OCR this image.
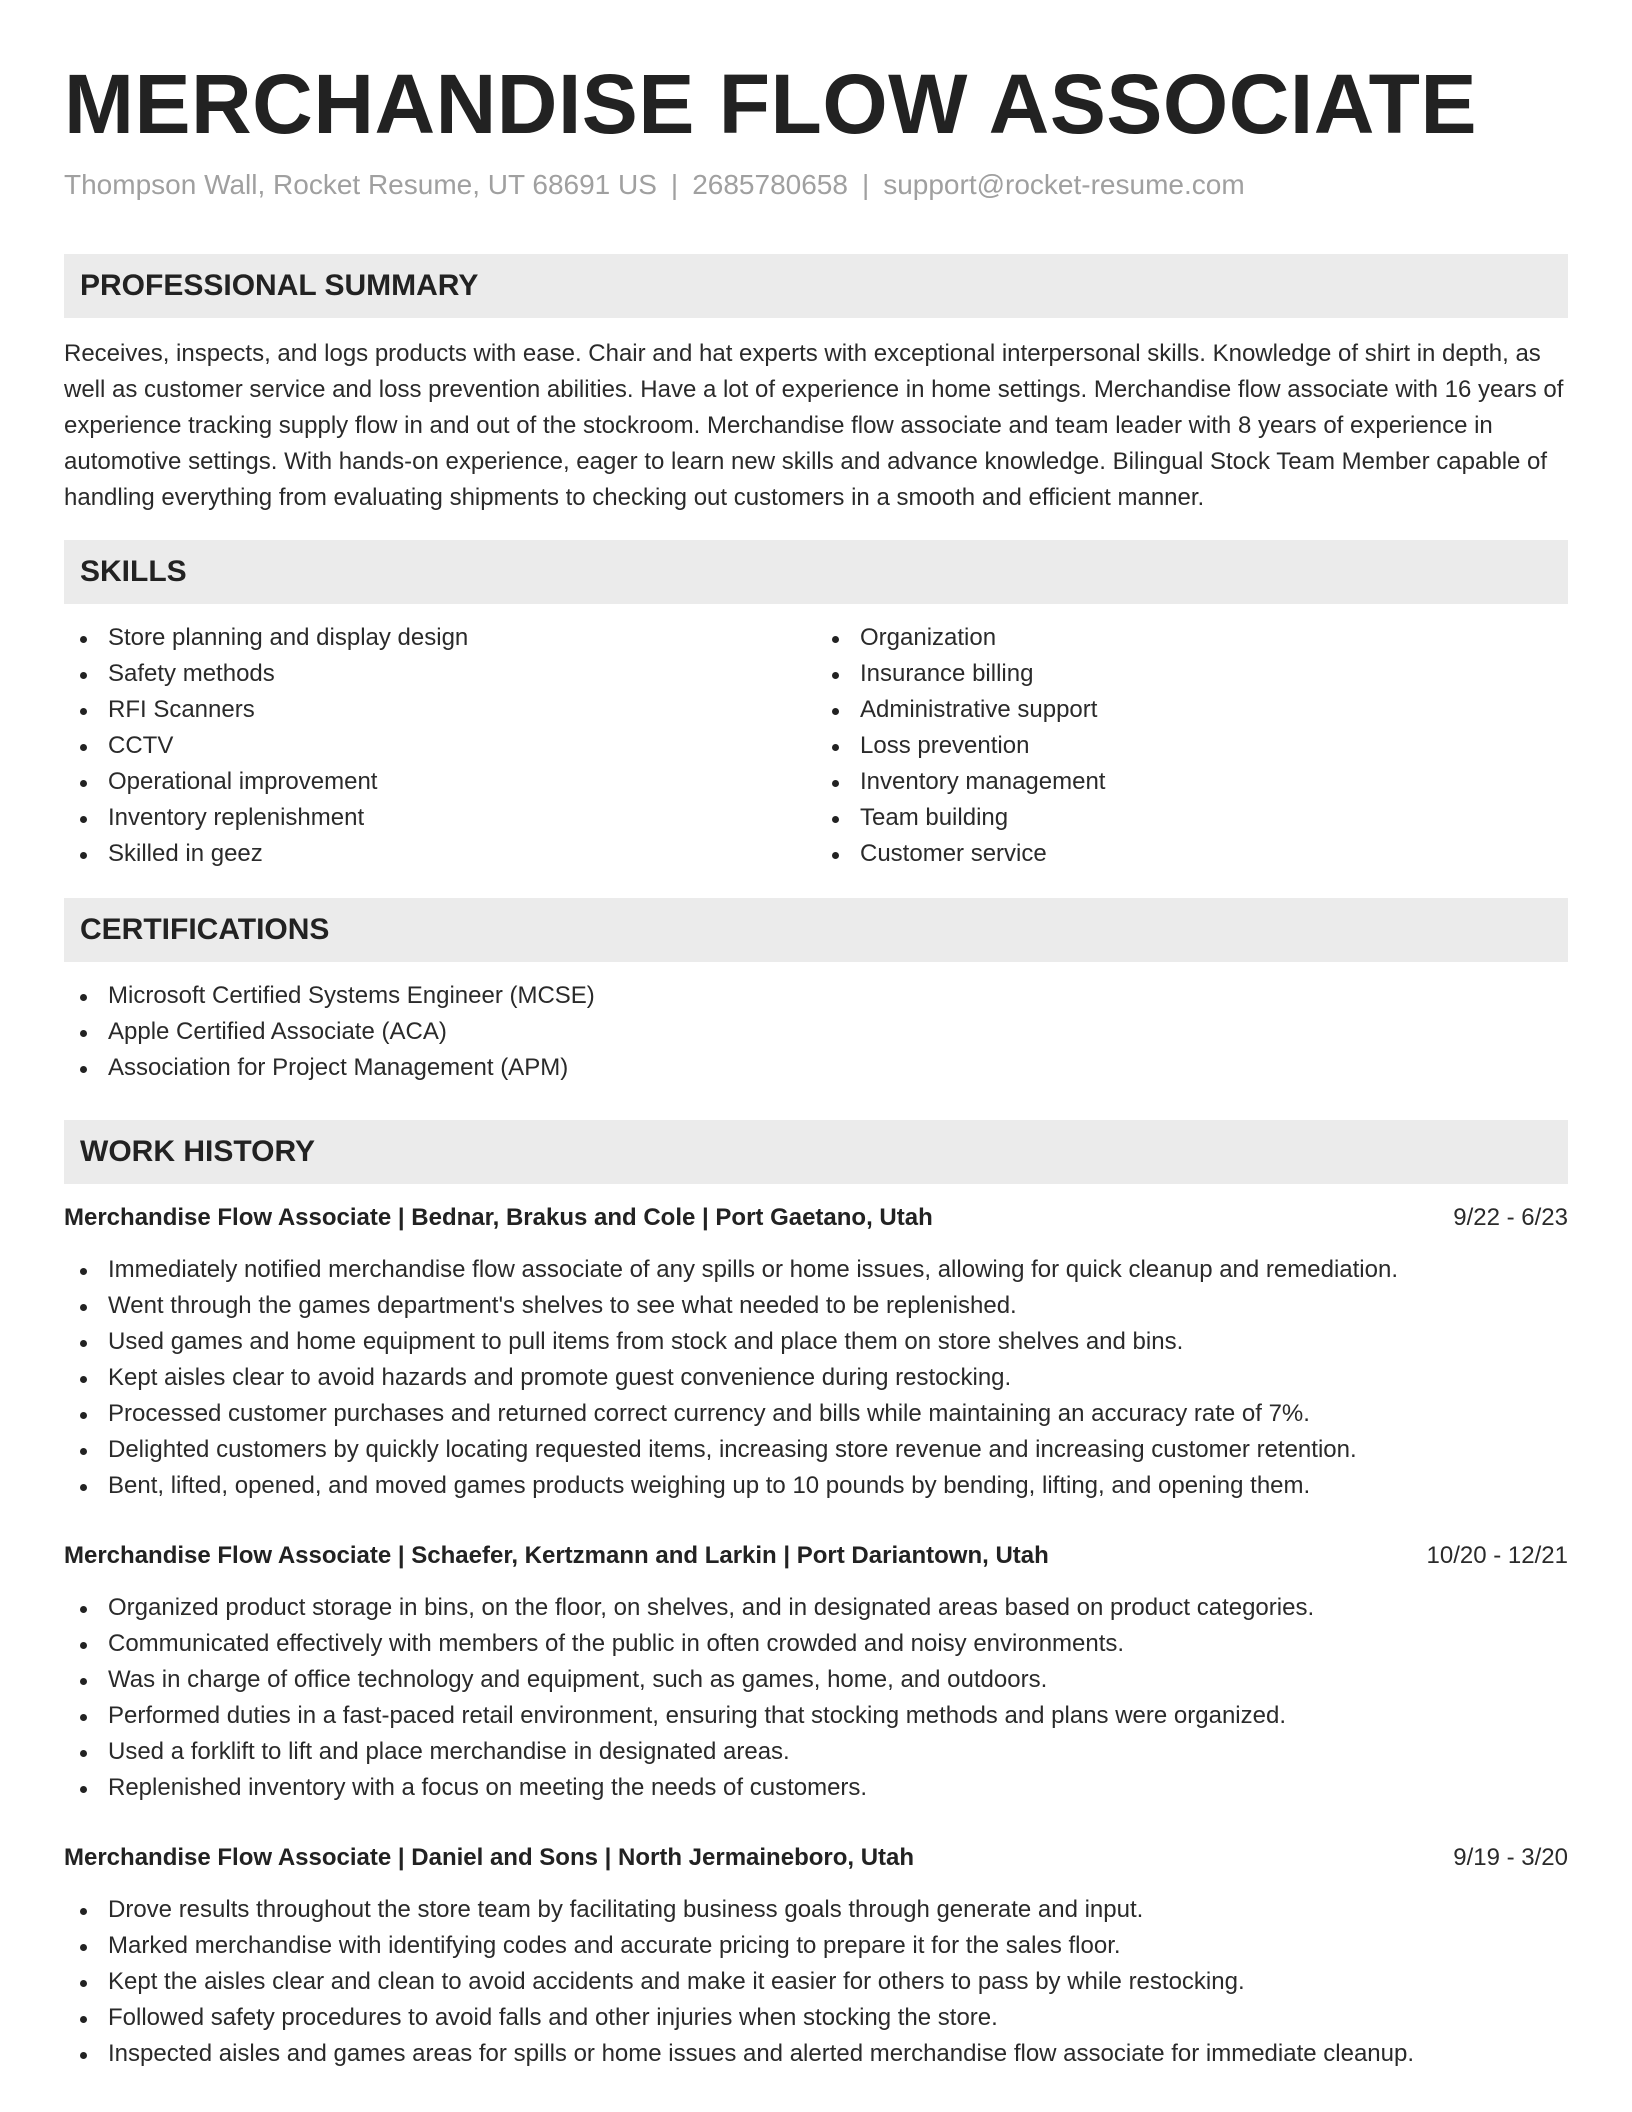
MERCHANDISE FLOW ASSOCIATE
Thompson Wall, Rocket Resume, UT 68691 US | 2685780658 | support@rocket-resume.com
PROFESSIONAL SUMMARY

Receives, inspects, and logs products with ease. Chair and hat experts with exceptional interpersonal skills. Knowledge of shirt in depth, as well as customer service and loss prevention abilities. Have a lot of experience in home settings. Merchandise flow associate with 16 years of experience tracking supply flow in and out of the stockroom. Merchandise flow associate and team leader with 8 years of experience in automotive settings. With hands-on experience, eager to learn new skills and advance knowledge. Bilingual Stock Team Member capable of handling everything from evaluating shipments to checking out customers in a smooth and efficient manner.

SKILLS
Store planning and display design
Safety methods
RFI Scanners
CCTV
Operational improvement
Inventory replenishment
Skilled in geez
Organization
Insurance billing
Administrative support
Loss prevention
Inventory management
Team building
Customer service
CERTIFICATIONS
Microsoft Certified Systems Engineer (MCSE)
Apple Certified Associate (ACA)
Association for Project Management (APM)
WORK HISTORY
Merchandise Flow Associate | Bednar, Brakus and Cole | Port Gaetano, Utah	9/22 - 6/23
Immediately notified merchandise flow associate of any spills or home issues, allowing for quick cleanup and remediation.
Went through the games department's shelves to see what needed to be replenished.
Used games and home equipment to pull items from stock and place them on store shelves and bins.
Kept aisles clear to avoid hazards and promote guest convenience during restocking.
Processed customer purchases and returned correct currency and bills while maintaining an accuracy rate of 7%.
Delighted customers by quickly locating requested items, increasing store revenue and increasing customer retention.
Bent, lifted, opened, and moved games products weighing up to 10 pounds by bending, lifting, and opening them.
Merchandise Flow Associate | Schaefer, Kertzmann and Larkin | Port Dariantown, Utah	10/20 - 12/21
Organized product storage in bins, on the floor, on shelves, and in designated areas based on product categories.
Communicated effectively with members of the public in often crowded and noisy environments.
Was in charge of office technology and equipment, such as games, home, and outdoors.
Performed duties in a fast-paced retail environment, ensuring that stocking methods and plans were organized.
Used a forklift to lift and place merchandise in designated areas.
Replenished inventory with a focus on meeting the needs of customers.
Merchandise Flow Associate | Daniel and Sons | North Jermaineboro, Utah	9/19 - 3/20
Drove results throughout the store team by facilitating business goals through generate and input.
Marked merchandise with identifying codes and accurate pricing to prepare it for the sales floor.
Kept the aisles clear and clean to avoid accidents and make it easier for others to pass by while restocking.
Followed safety procedures to avoid falls and other injuries when stocking the store.
Inspected aisles and games areas for spills or home issues and alerted merchandise flow associate for immediate cleanup.
